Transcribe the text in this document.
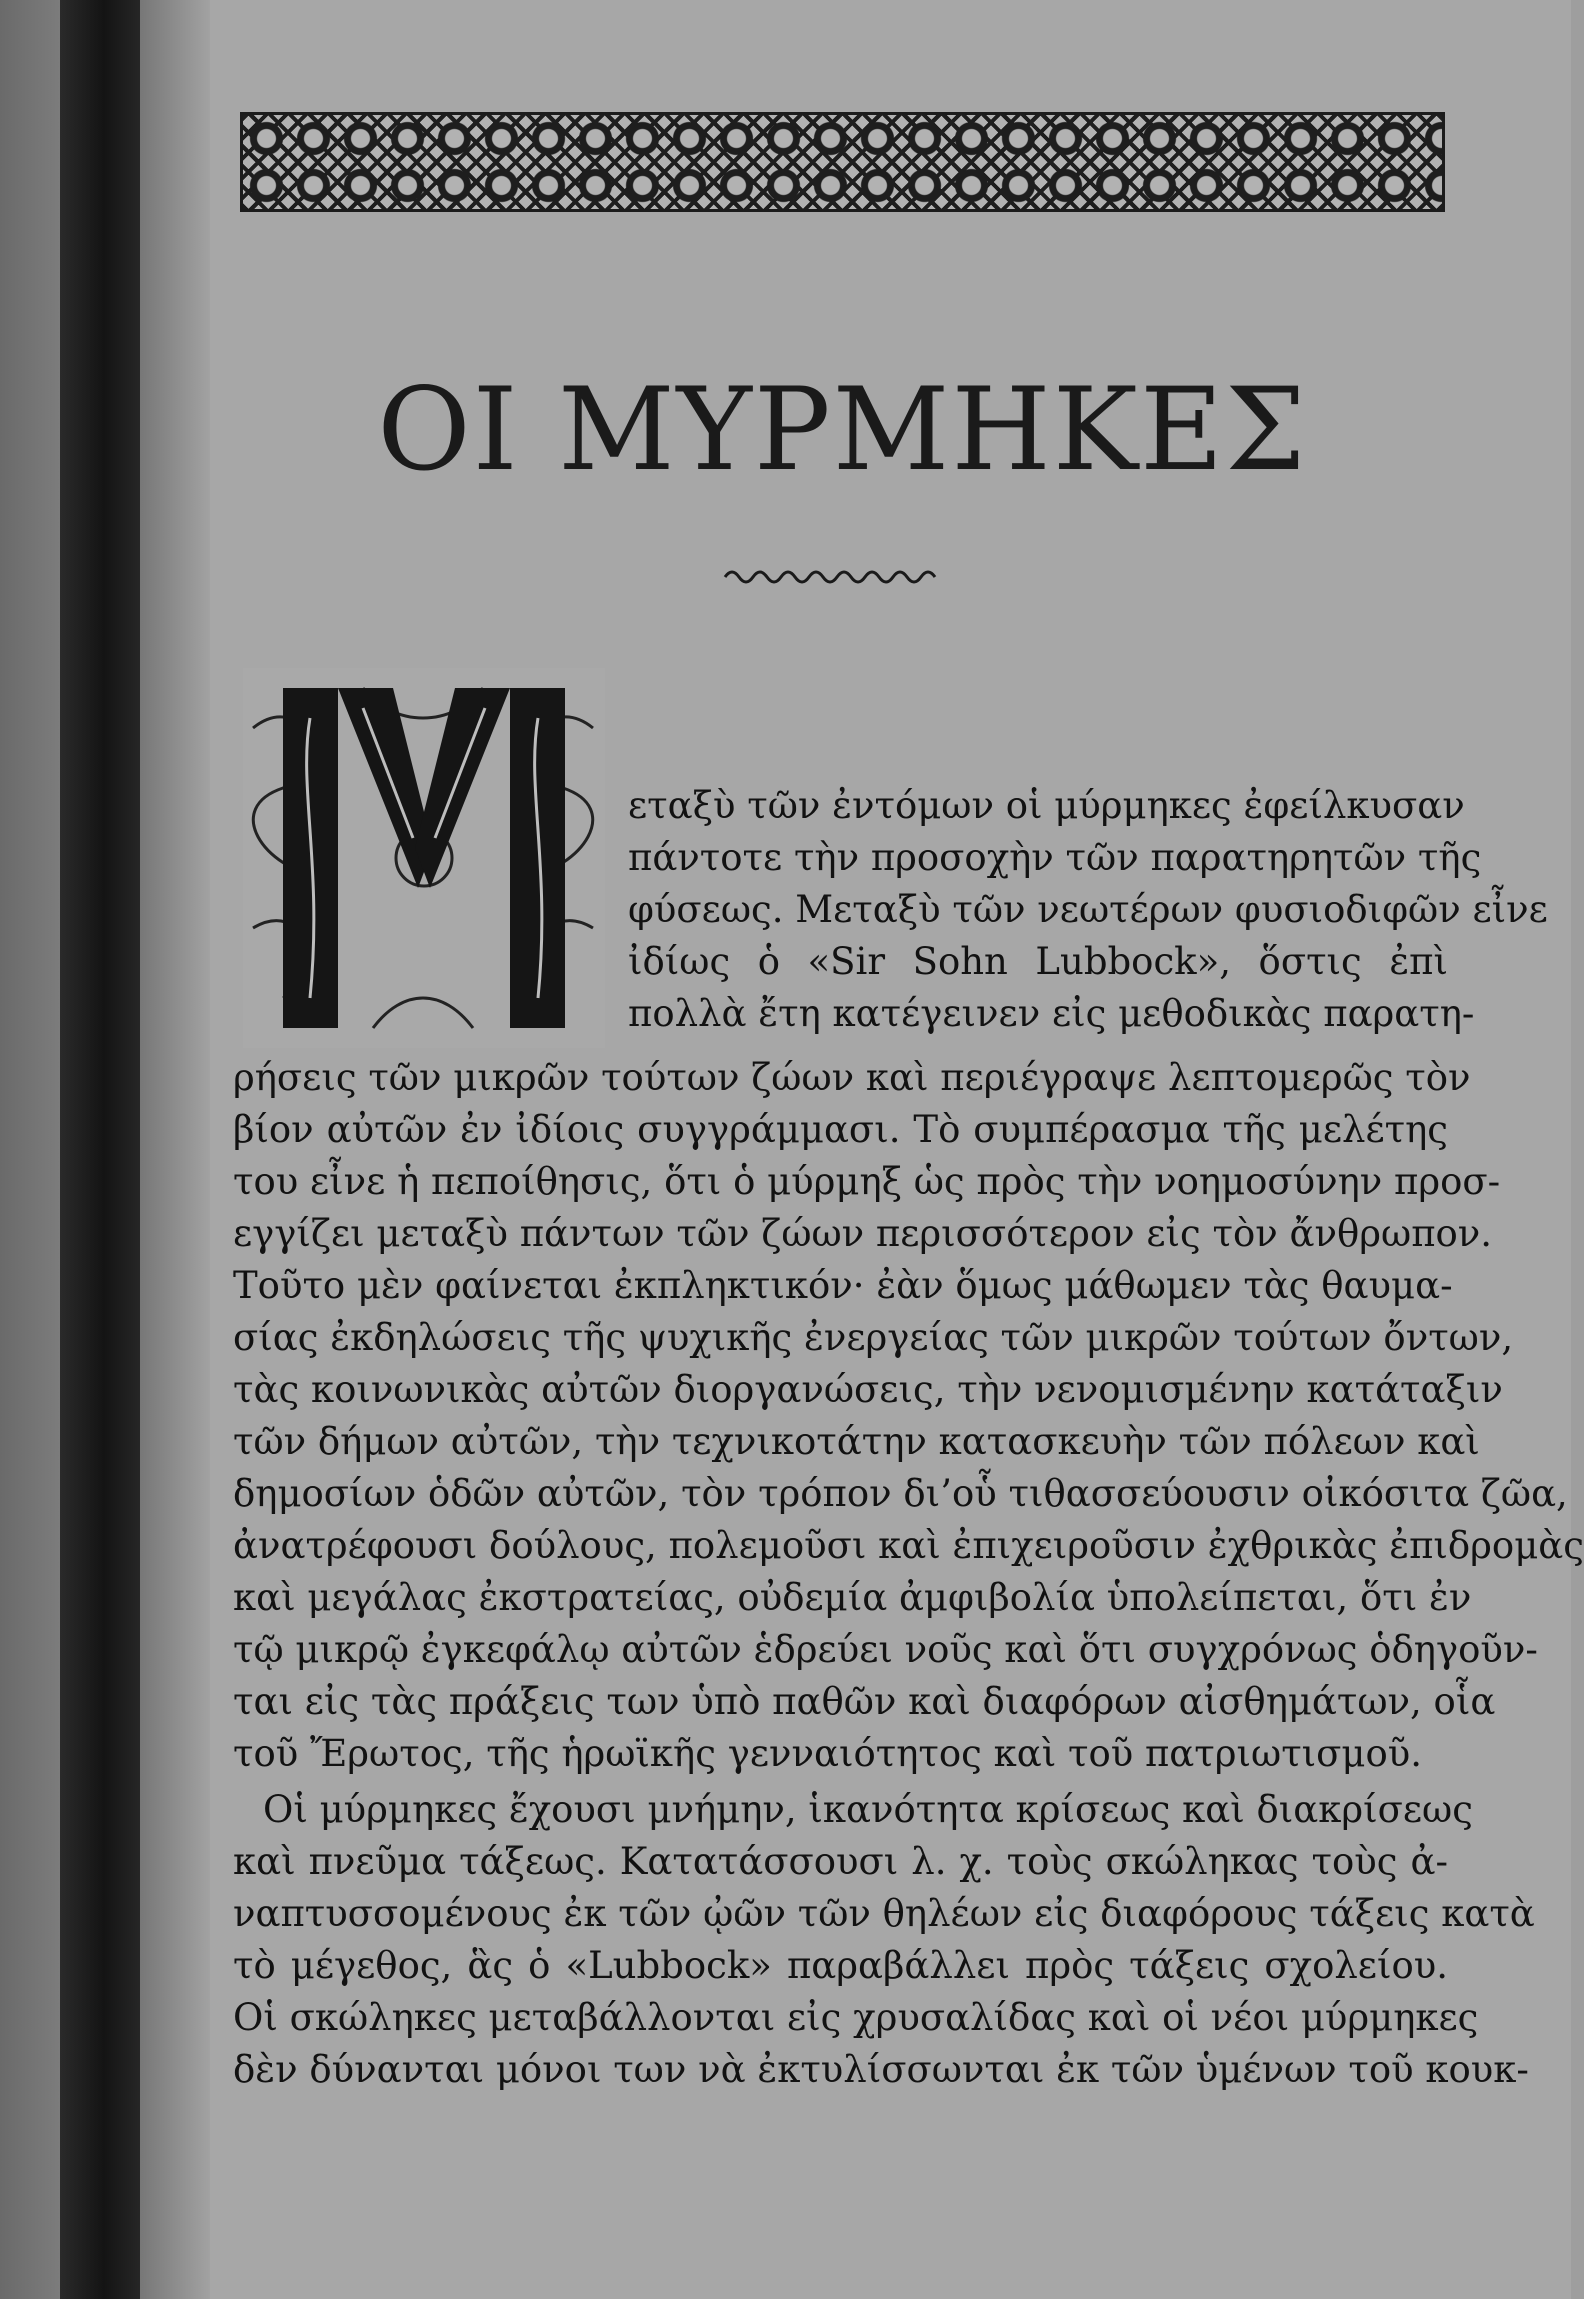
ΟΙ ΜΥΡΜΗΚΕΣ

εταξὺ τῶν ἐντόμων οἱ μύρμηκες ἐφείλκυσαν

πάντοτε τὴν προσοχὴν τῶν παρατηρητῶν τῆς

φύσεως. Μεταξὺ τῶν νεωτέρων φυσιοδιφῶν εἶνε

ἰδίως ὁ «Sir Sohn Lubbock», ὅστις ἐπὶ

πολλὰ ἔτη κατέγεινεν εἰς μεθοδικὰς παρατη-

ρήσεις τῶν μικρῶν τούτων ζώων καὶ περιέγραψε λεπτομερῶς τὸν

βίον αὐτῶν ἐν ἰδίοις συγγράμμασι. Τὸ συμπέρασμα τῆς μελέτης

του εἶνε ἡ πεποίθησις, ὅτι ὁ μύρμηξ ὡς πρὸς τὴν νοημοσύνην προσ-

εγγίζει μεταξὺ πάντων τῶν ζώων περισσότερον εἰς τὸν ἄνθρωπον.

Τοῦτο μὲν φαίνεται ἐκπληκτικόν· ἐὰν ὅμως μάθωμεν τὰς θαυμα-

σίας ἐκδηλώσεις τῆς ψυχικῆς ἐνεργείας τῶν μικρῶν τούτων ὄντων,

τὰς κοινωνικὰς αὐτῶν διοργανώσεις, τὴν νενομισμένην κατάταξιν

τῶν δήμων αὐτῶν, τὴν τεχνικοτάτην κατασκευὴν τῶν πόλεων καὶ

δημοσίων ὁδῶν αὐτῶν, τὸν τρόπον δι’οὗ τιθασσεύουσιν οἰκόσιτα ζῶα,

ἀνατρέφουσι δούλους, πολεμοῦσι καὶ ἐπιχειροῦσιν ἐχθρικὰς ἐπιδρομὰς

καὶ μεγάλας ἐκστρατείας, οὐδεμία ἀμφιβολία ὑπολείπεται, ὅτι ἐν

τῷ μικρῷ ἐγκεφάλῳ αὐτῶν ἑδρεύει νοῦς καὶ ὅτι συγχρόνως ὁδηγοῦν-

ται εἰς τὰς πράξεις των ὑπὸ παθῶν καὶ διαφόρων αἰσθημάτων, οἷα

τοῦ Ἔρωτος, τῆς ἡρωϊκῆς γενναιότητος καὶ τοῦ πατριωτισμοῦ.

Οἱ μύρμηκες ἔχουσι μνήμην, ἱκανότητα κρίσεως καὶ διακρίσεως

καὶ πνεῦμα τάξεως. Κατατάσσουσι λ. χ. τοὺς σκώληκας τοὺς ἀ-

ναπτυσσομένους ἐκ τῶν ᾠῶν τῶν θηλέων εἰς διαφόρους τάξεις κατὰ

τὸ μέγεθος, ἃς ὁ «Lubbock» παραβάλλει πρὸς τάξεις σχολείου.

Οἱ σκώληκες μεταβάλλονται εἰς χρυσαλίδας καὶ οἱ νέοι μύρμηκες

δὲν δύνανται μόνοι των νὰ ἐκτυλίσσωνται ἐκ τῶν ὑμένων τοῦ κουκ-
